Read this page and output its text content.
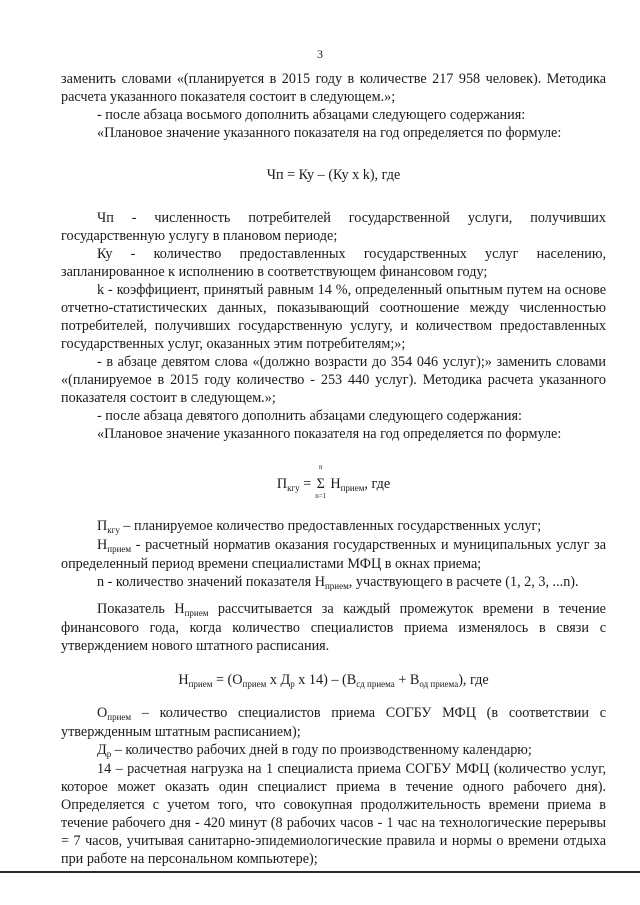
3

заменить словами «(планируется в 2015 году в количестве 217 958 человек). Методика расчета указанного показателя состоит в следующем.»;

- после абзаца восьмого дополнить абзацами следующего содержания:

«Плановое значение указанного показателя на год определяется по формуле:

Чп = Ку – (Ку х k), где

Чп - численность потребителей государственной услуги, получивших государственную услугу в плановом периоде;

Ку - количество предоставленных государственных услуг населению, запланированное к исполнению в соответствующем финансовом году;

k - коэффициент, принятый равным 14 %, определенный опытным путем на основе отчетно-статистических данных, показывающий соотношение между численностью потребителей, получивших государственную услугу, и количеством предоставленных государственных услуг, оказанных этим потребителям;»;

- в абзаце девятом слова «(должно возрасти до 354 046 услуг);» заменить словами «(планируемое в 2015 году количество - 253 440 услуг). Методика расчета указанного показателя состоит в следующем.»;

- после абзаца девятого дополнить абзацами следующего содержания:

«Плановое значение указанного показателя на год определяется по формуле:

$П_{кгу}$ =
n
Σ
n=1
$Н_{прием}$, где

$П_{кгу}$ – планируемое количество предоставленных государственных услуг;

$Н_{прием}$ - расчетный норматив оказания государственных и муниципальных услуг за определенный период времени специалистами МФЦ в окнах приема;

n - количество значений показателя $Н_{прием}$, участвующего в расчете (1, 2, 3, ...n).

Показатель $Н_{прием}$ рассчитывается за каждый промежуток времени в течение финансового года, когда количество специалистов приема изменялось в связи с утверждением нового штатного расписания.

$Н_{прием} = (О_{прием}$ х $Д_р$ х $14) - (В_{сд приема} + В_{од приема})$, где

$О_{прием}$ – количество специалистов приема СОГБУ МФЦ (в соответствии с утвержденным штатным расписанием);

$Д_р$ – количество рабочих дней в году по производственному календарю;

14 – расчетная нагрузка на 1 специалиста приема СОГБУ МФЦ (количество услуг, которое может оказать один специалист приема в течение одного рабочего дня). Определяется с учетом того, что совокупная продолжительность времени приема в течение рабочего дня - 420 минут (8 рабочих часов - 1 час на технологические перерывы = 7 часов, учитывая санитарно-эпидемиологические правила и нормы о времени отдыха при работе на персональном компьютере);
